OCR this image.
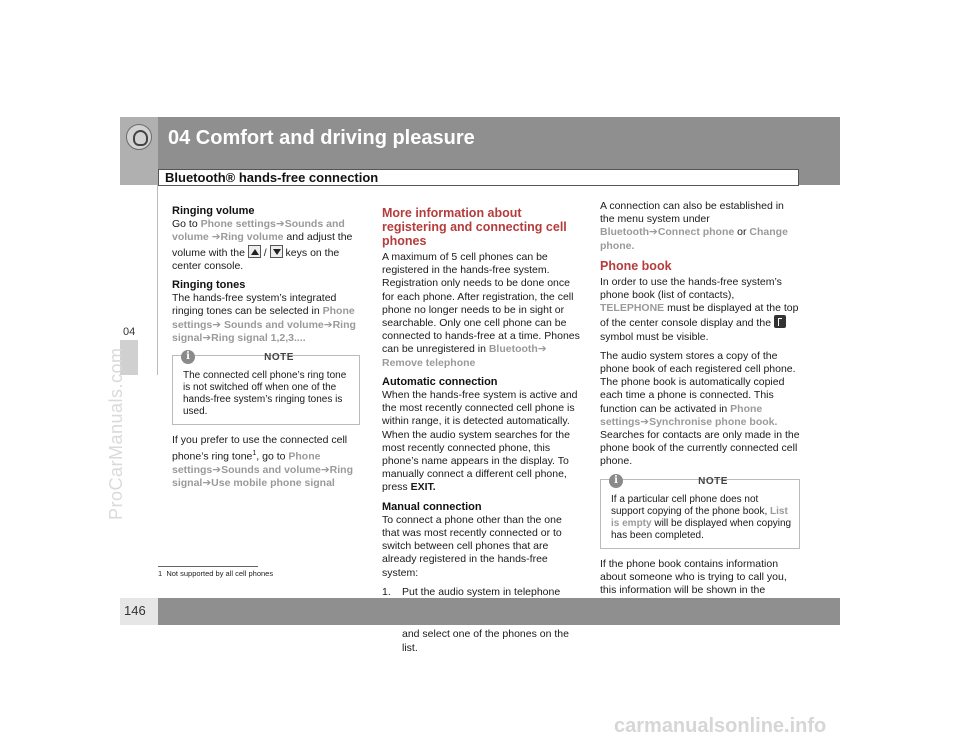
04 Comfort and driving pleasure
Bluetooth® hands-free connection
04
ProCarManuals.com
Ringing volume

Go to Phone settings➔Sounds and volume ➔Ring volume and adjust the volume with the  /  keys on the center console.

Ringing tones

The hands-free system’s integrated ringing tones can be selected in Phone settings➔ Sounds and volume➔Ring signal➔Ring signal 1,2,3....

i	NOTE
The connected cell phone’s ring tone is not switched off when one of the hands-free system’s ringing tones is used.

If you prefer to use the connected cell phone’s ring tone$^1$, go to Phone settings➔Sounds and volume➔Ring signal➔Use mobile phone signal

More information about registering and connecting cell phones

A maximum of 5 cell phones can be registered in the hands-free system. Registration only needs to be done once for each phone. After registration, the cell phone no longer needs to be in sight or searchable. Only one cell phone can be connected to hands-free at a time. Phones can be unregistered in Bluetooth➔ Remove telephone

Automatic connection

When the hands-free system is active and the most recently connected cell phone is within range, it is detected automatically. When the audio system searches for the most recently connected phone, this phone’s name appears in the display. To manually connect a different cell phone, press EXIT.

Manual connection

To connect a phone other than the one that was most recently connected or to switch between cell phones that are already registered in the hands-free system:

1. Put the audio system in telephone
and select one of the phones on the list.

A connection can also be established in the menu system under Bluetooth➔Connect phone or Change phone.

Phone book

In order to use the hands-free system’s phone book (list of contacts), TELEPHONE must be displayed at the top of the center console display and the  symbol must be visible.

The audio system stores a copy of the phone book of each registered cell phone. The phone book is automatically copied each time a phone is connected. This function can be activated in Phone settings➔Synchronise phone book. Searches for contacts are only made in the phone book of the currently connected cell phone.

i	NOTE
If a particular cell phone does not support copying of the phone book, List is empty will be displayed when copying has been completed.

If the phone book contains information about someone who is trying to call you, this information will be shown in the

1 Not supported by all cell phones
146
carmanualsonline.info
